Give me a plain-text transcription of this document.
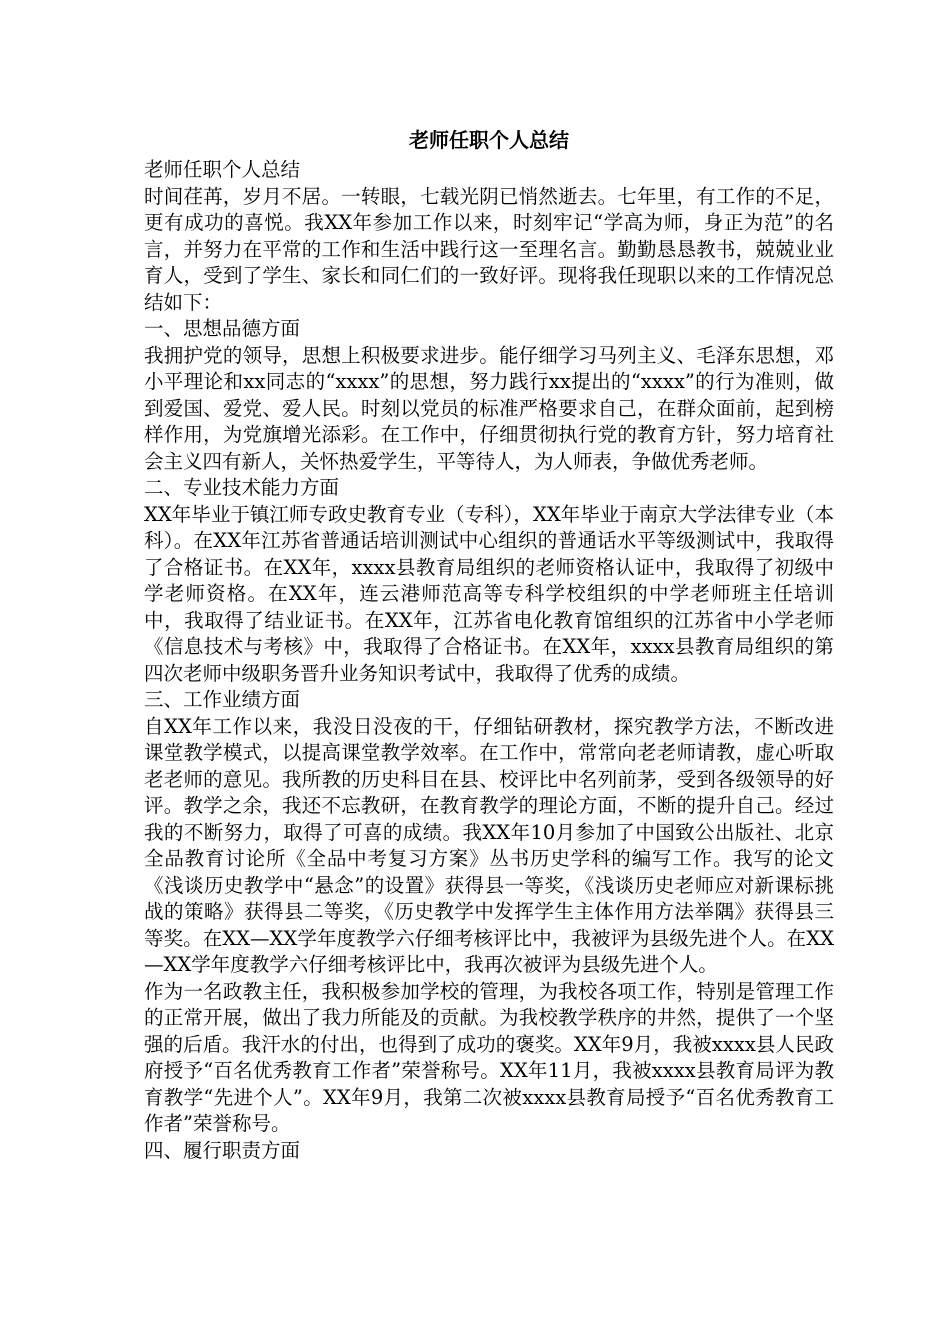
老师任职个人总结

老师任职个人总结

时间荏苒，岁月不居。一转眼，七载光阴已悄然逝去。七年里，有工作的不足，更有成功的喜悦。我XX年参加工作以来，时刻牢记“学高为师，身正为范”的名言，并努力在平常的工作和生活中践行这一至理名言。勤勤恳恳教书，兢兢业业育人，受到了学生、家长和同仁们的一致好评。现将我任现职以来的工作情况总结如下：

一、思想品德方面

我拥护党的领导，思想上积极要求进步。能仔细学习马列主义、毛泽东思想，邓小平理论和xx同志的“xxxx”的思想，努力践行xx提出的“xxxx”的行为准则，做到爱国、爱党、爱人民。时刻以党员的标准严格要求自己，在群众面前，起到榜样作用，为党旗增光添彩。在工作中，仔细贯彻执行党的教育方针，努力培育社会主义四有新人，关怀热爱学生，平等待人，为人师表，争做优秀老师。

二、专业技术能力方面

XX年毕业于镇江师专政史教育专业（专科），XX年毕业于南京大学法律专业（本科）。在XX年江苏省普通话培训测试中心组织的普通话水平等级测试中，我取得了合格证书。在XX年，xxxx县教育局组织的老师资格认证中，我取得了初级中学老师资格。在XX年，连云港师范高等专科学校组织的中学老师班主任培训中，我取得了结业证书。在XX年，江苏省电化教育馆组织的江苏省中小学老师《信息技术与考核》中，我取得了合格证书。在XX年，xxxx县教育局组织的第四次老师中级职务晋升业务知识考试中，我取得了优秀的成绩。

三、工作业绩方面

自XX年工作以来，我没日没夜的干，仔细钻研教材，探究教学方法，不断改进课堂教学模式，以提高课堂教学效率。在工作中，常常向老老师请教，虚心听取老老师的意见。我所教的历史科目在县、校评比中名列前茅，受到各级领导的好评。教学之余，我还不忘教研，在教育教学的理论方面，不断的提升自己。经过我的不断努力，取得了可喜的成绩。我XX年10月参加了中国致公出版社、北京全品教育讨论所《全品中考复习方案》丛书历史学科的编写工作。我写的论文《浅谈历史教学中“悬念”的设置》获得县一等奖，《浅谈历史老师应对新课标挑战的策略》获得县二等奖，《历史教学中发挥学生主体作用方法举隅》获得县三等奖。在XX—XX学年度教学六仔细考核评比中，我被评为县级先进个人。在XX—XX学年度教学六仔细考核评比中，我再次被评为县级先进个人。

作为一名政教主任，我积极参加学校的管理，为我校各项工作，特别是管理工作的正常开展，做出了我力所能及的贡献。为我校教学秩序的井然，提供了一个坚强的后盾。我汗水的付出，也得到了成功的褒奖。XX年9月，我被xxxx县人民政府授予“百名优秀教育工作者”荣誉称号。XX年11月，我被xxxx县教育局评为教育教学“先进个人”。XX年9月，我第二次被xxxx县教育局授予“百名优秀教育工作者”荣誉称号。

四、履行职责方面
